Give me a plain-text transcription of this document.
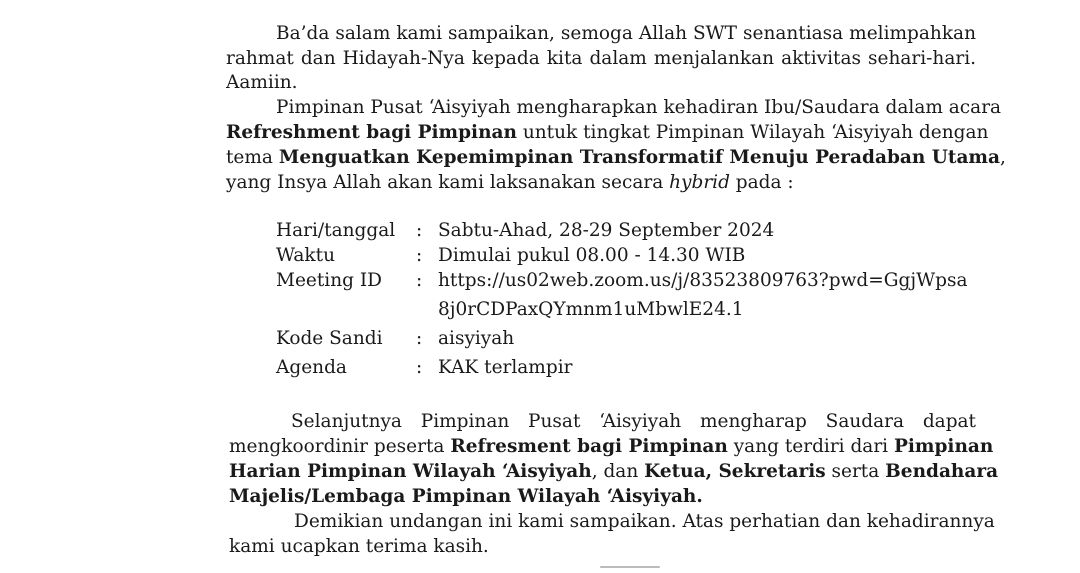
Ba’da salam kami sampaikan, semoga Allah SWT senantiasa melimpahkan
rahmat dan Hidayah-Nya kepada kita dalam menjalankan aktivitas sehari-hari.
Aamiin.
Pimpinan Pusat ‘Aisyiyah mengharapkan kehadiran Ibu/Saudara dalam acara
Refreshment bagi Pimpinan untuk tingkat Pimpinan Wilayah ‘Aisyiyah dengan
tema Menguatkan Kepemimpinan Transformatif Menuju Peradaban Utama,
yang Insya Allah akan kami laksanakan secara hybrid pada :
Hari/tanggal : Sabtu-Ahad, 28-29 September 2024
Waktu	: Dimulai pukul 08.00 - 14.30 WIB
Meeting ID : https://us02web.zoom.us/j/83523809763?pwd=GgjWpsa
8j0rCDPaxQYmnm1uMbwlE24.1
Kode Sandi : aisyiyah
Agenda	: KAK terlampir
Selanjutnya Pimpinan Pusat ‘Aisyiyah mengharap Saudara dapat
mengkoordinir peserta Refresment bagi Pimpinan yang terdiri dari Pimpinan
Harian Pimpinan Wilayah ‘Aisyiyah, dan Ketua, Sekretaris serta Bendahara
Majelis/Lembaga Pimpinan Wilayah ‘Aisyiyah.
Demikian undangan ini kami sampaikan. Atas perhatian dan kehadirannya
kami ucapkan terima kasih.
